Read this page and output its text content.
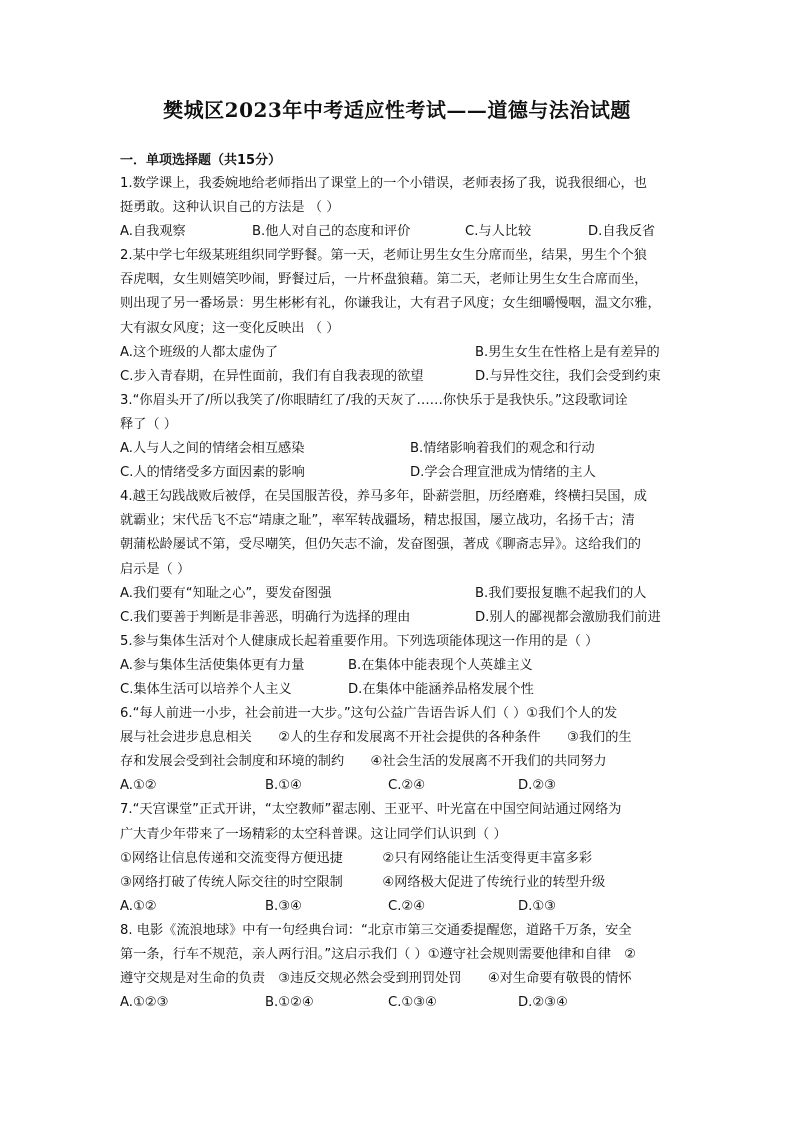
樊城区2023年中考适应性考试——道德与法治试题
一．单项选择题（共15分）
1.数学课上，我委婉地给老师指出了课堂上的一个小错误，老师表扬了我，说我很细心，也
挺勇敢。这种认识自己的方法是 （ ）
A.自我观察	B.他人对自己的态度和评价	C.与人比较	D.自我反省
2.某中学七年级某班组织同学野餐。第一天，老师让男生女生分席而坐，结果，男生个个狼
吞虎咽，女生则嬉笑吵闹，野餐过后，一片杯盘狼藉。第二天，老师让男生女生合席而坐，
则出现了另一番场景：男生彬彬有礼，你谦我让，大有君子风度；女生细嚼慢咽，温文尔雅，
大有淑女风度；这一变化反映出 （ ）
A.这个班级的人都太虚伪了	B.男生女生在性格上是有差异的
C.步入青春期，在异性面前，我们有自我表现的欲望	D.与异性交往，我们会受到约束
3.“你眉头开了/所以我笑了/你眼睛红了/我的天灰了……你快乐于是我快乐。”这段歌词诠
释了（ ）
A.人与人之间的情绪会相互感染	B.情绪影响着我们的观念和行动
C.人的情绪受多方面因素的影响	D.学会合理宣泄成为情绪的主人
4.越王勾践战败后被俘，在吴国服苦役，养马多年，卧薪尝胆，历经磨难，终横扫吴国，成
就霸业；宋代岳飞不忘“靖康之耻”，率军转战疆场，精忠报国，屡立战功，名扬千古；清
朝蒲松龄屡试不第，受尽嘲笑，但仍矢志不渝，发奋图强，著成《聊斋志异》。这给我们的
启示是（ ）
A.我们要有“知耻之心”，要发奋图强	B.我们要报复瞧不起我们的人
C.我们要善于判断是非善恶，明确行为选择的理由	D.别人的鄙视都会激励我们前进
5.参与集体生活对个人健康成长起着重要作用。下列选项能体现这一作用的是（ ）
A.参与集体生活使集体更有力量	B.在集体中能表现个人英雄主义
C.集体生活可以培养个人主义	D.在集体中能涵养品格发展个性
6.“每人前进一小步，社会前进一大步。”这句公益广告语告诉人们（ ）①我们个人的发
展与社会进步息息相关　　②人的生存和发展离不开社会提供的各种条件　　③我们的生
存和发展会受到社会制度和环境的制约　　④社会生活的发展离不开我们的共同努力
A.①②	B.①④	C.②④	D.②③
7.“天宫课堂”正式开讲，“太空教师”翟志刚、王亚平、叶光富在中国空间站通过网络为
广大青少年带来了一场精彩的太空科普课。这让同学们认识到（ ）
①网络让信息传递和交流变得方便迅捷　　　②只有网络能让生活变得更丰富多彩
③网络打破了传统人际交往的时空限制　　　④网络极大促进了传统行业的转型升级
A.①②	B.③④	C.②④	D.①③
8. 电影《流浪地球》中有一句经典台词：“北京市第三交通委提醒您，道路千万条，安全
第一条，行车不规范，亲人两行泪。”这启示我们（ ）①遵守社会规则需要他律和自律　②
遵守交规是对生命的负责　③违反交规必然会受到刑罚处罚　　④对生命要有敬畏的情怀
A.①②③	B.①②④	C.①③④	D.②③④
